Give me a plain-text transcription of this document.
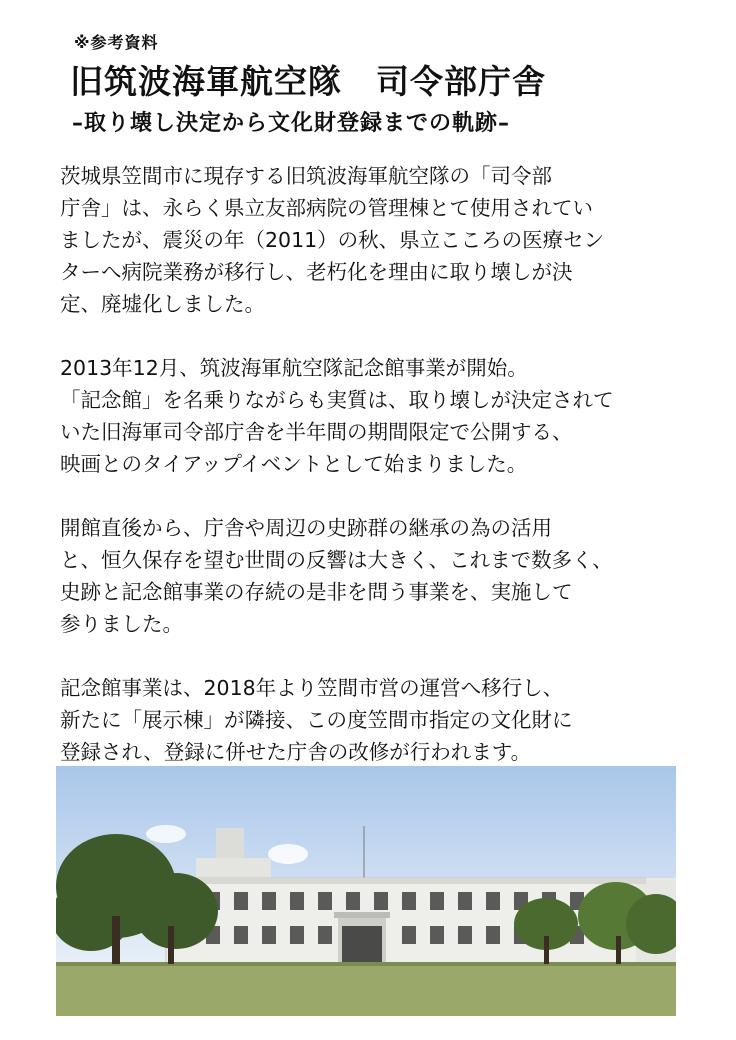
※参考資料
旧筑波海軍航空隊　司令部庁舎
–取り壊し決定から文化財登録までの軌跡–

茨城県笠間市に現存する旧筑波海軍航空隊の「司令部
庁舎」は、永らく県立友部病院の管理棟とて使用されてい
ましたが、震災の年（2011）の秋、県立こころの医療セン
ターへ病院業務が移行し、老朽化を理由に取り壊しが決
定、廃墟化しました。

2013年12月、筑波海軍航空隊記念館事業が開始。
「記念館」を名乗りながらも実質は、取り壊しが決定されて
いた旧海軍司令部庁舎を半年間の期間限定で公開する、
映画とのタイアップイベントとして始まりました。

開館直後から、庁舎や周辺の史跡群の継承の為の活用
と、恒久保存を望む世間の反響は大きく、これまで数多く、
史跡と記念館事業の存続の是非を問う事業を、実施して
参りました。

記念館事業は、2018年より笠間市営の運営へ移行し、
新たに「展示棟」が隣接、この度笠間市指定の文化財に
登録され、登録に併せた庁舎の改修が行われます。
